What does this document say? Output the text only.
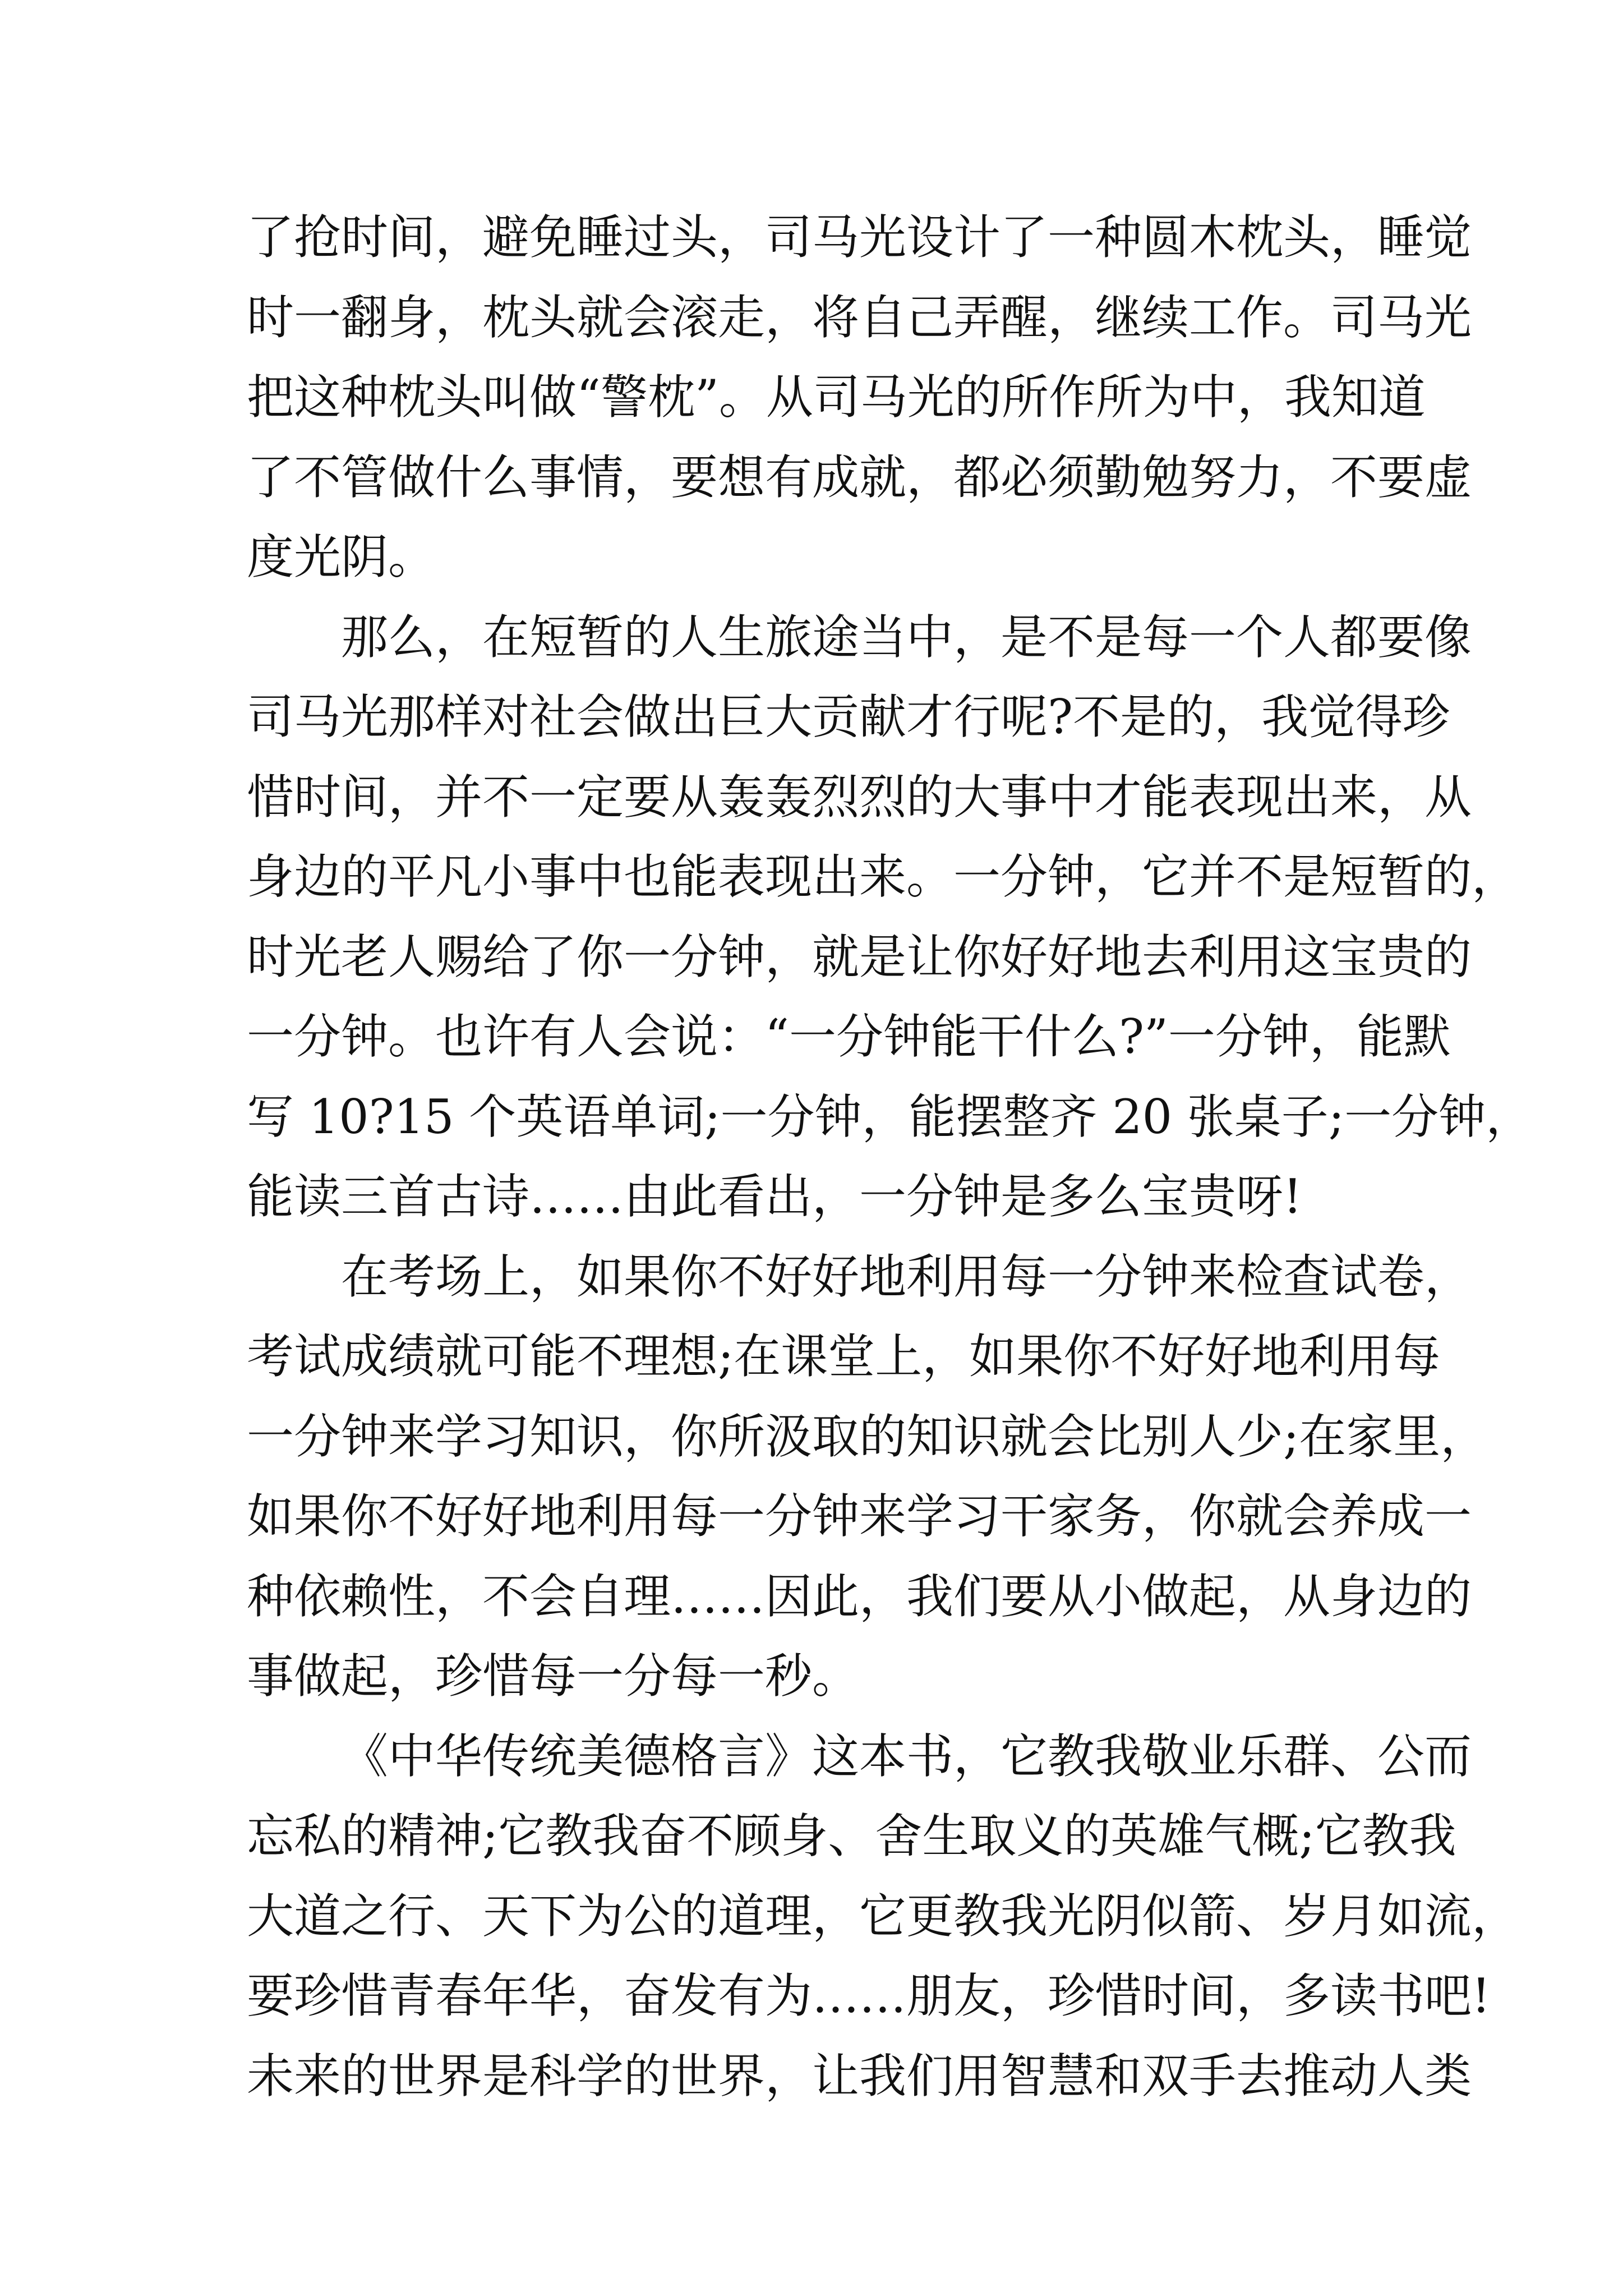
了抢时间，避免睡过头，司马光设计了一种圆木枕头，睡觉
时一翻身，枕头就会滚走，将自己弄醒，继续工作。司马光
把这种枕头叫做“警枕”。从司马光的所作所为中，我知道
了不管做什么事情，要想有成就，都必须勤勉努力，不要虚
度光阴。
那么，在短暂的人生旅途当中，是不是每一个人都要像
司马光那样对社会做出巨大贡献才行呢?不是的，我觉得珍
惜时间，并不一定要从轰轰烈烈的大事中才能表现出来，从
身边的平凡小事中也能表现出来。一分钟，它并不是短暂的，
时光老人赐给了你一分钟，就是让你好好地去利用这宝贵的
一分钟。也许有人会说：“一分钟能干什么?”一分钟，能默
写 10?15 个英语单词;一分钟，能摆整齐 20 张桌子;一分钟，
能读三首古诗……由此看出，一分钟是多么宝贵呀!
在考场上，如果你不好好地利用每一分钟来检查试卷，
考试成绩就可能不理想;在课堂上，如果你不好好地利用每
一分钟来学习知识，你所汲取的知识就会比别人少;在家里，
如果你不好好地利用每一分钟来学习干家务，你就会养成一
种依赖性，不会自理……因此，我们要从小做起，从身边的
事做起，珍惜每一分每一秒。
《中华传统美德格言》这本书，它教我敬业乐群、公而
忘私的精神;它教我奋不顾身、舍生取义的英雄气概;它教我
大道之行、天下为公的道理，它更教我光阴似箭、岁月如流，
要珍惜青春年华，奋发有为……朋友，珍惜时间，多读书吧!
未来的世界是科学的世界，让我们用智慧和双手去推动人类
